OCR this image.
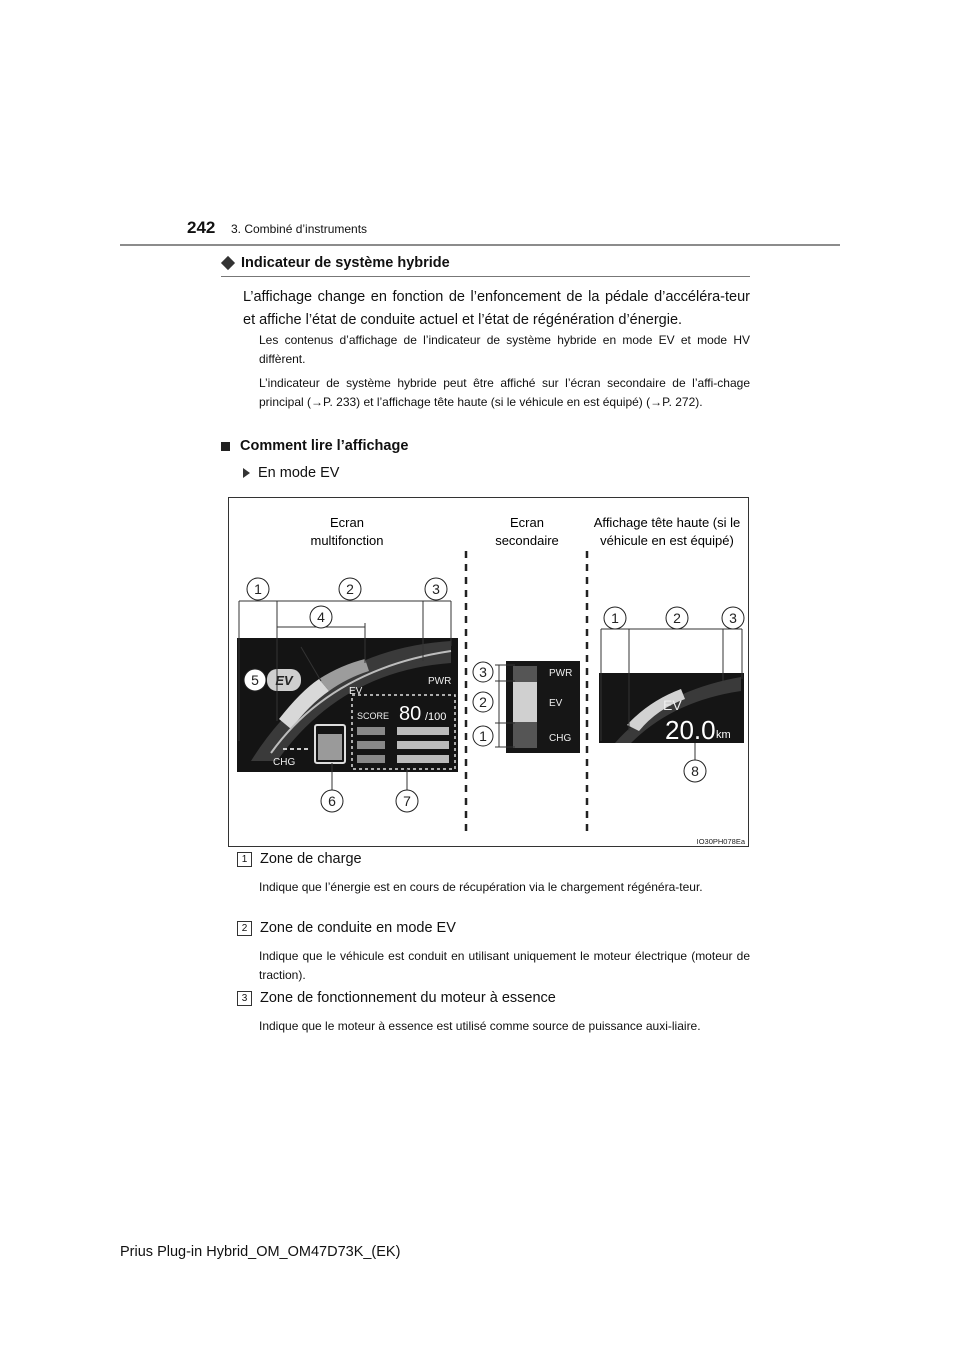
242 3. Combiné d’instruments
Indicateur de système hybride
L’affichage change en fonction de l’enfoncement de la pédale d’accéléra-teur et affiche l’état de conduite actuel et l’état de régénération d’énergie.
Les contenus d’affichage de l’indicateur de système hybride en mode EV et mode HV diffèrent.
L’indicateur de système hybride peut être affiché sur l’écran secondaire de l’affi-chage principal (→P. 233) et l’affichage tête haute (si le véhicule en est équipé) (→P. 272).
Comment lire l’affichage
En mode EV
Ecran multifonction
Ecran secondaire
Affichage tête haute (si le véhicule en est équipé)
EV	PWR
EV
CHG
SCORE 80 /100
1	2	3
4
5
6	7
PWR
EV
CHG
3
2
1
EV
20.0 km
1	2	3
8
IO30PH078Ea
1 Zone de charge
Indique que l’énergie est en cours de récupération via le chargement régénéra-teur.
2 Zone de conduite en mode EV
Indique que le véhicule est conduit en utilisant uniquement le moteur électrique (moteur de traction).
3 Zone de fonctionnement du moteur à essence
Indique que le moteur à essence est utilisé comme source de puissance auxi-liaire.
Prius Plug-in Hybrid_OM_OM47D73K_(EK)
